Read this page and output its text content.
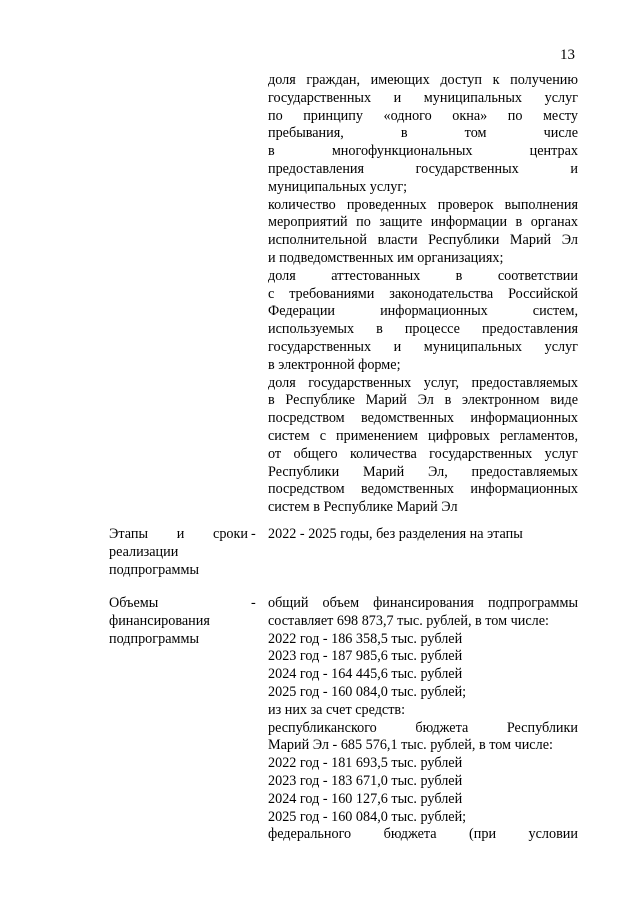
13
доля граждан, имеющих доступ к получению
государственных и муниципальных услуг
по принципу «одного окна» по месту
пребывания, в том числе
в многофункциональных центрах
предоставления государственных и
муниципальных услуг;
количество проведенных проверок выполнения
мероприятий по защите информации в органах
исполнительной власти Республики Марий Эл
и подведомственных им организациях;
доля аттестованных в соответствии
с требованиями законодательства Российской
Федерации информационных систем,
используемых в процессе предоставления
государственных и муниципальных услуг
в электронной форме;
доля государственных услуг, предоставляемых
в Республике Марий Эл в электронном виде
посредством ведомственных информационных
систем с применением цифровых регламентов,
от общего количества государственных услуг
Республики Марий Эл, предоставляемых
посредством ведомственных информационных
систем в Республике Марий Эл
Этапы и сроки
реализации
подпрограммы
- 2022 - 2025 годы, без разделения на этапы
Объемы
финансирования
подпрограммы
- общий объем финансирования подпрограммы
составляет 698 873,7 тыс. рублей, в том числе:
2022 год - 186 358,5 тыс. рублей
2023 год - 187 985,6 тыс. рублей
2024 год - 164 445,6 тыс. рублей
2025 год - 160 084,0 тыс. рублей;
из них за счет средств:
республиканского бюджета Республики
Марий Эл - 685 576,1 тыс. рублей, в том числе:
2022 год - 181 693,5 тыс. рублей
2023 год - 183 671,0 тыс. рублей
2024 год - 160 127,6 тыс. рублей
2025 год - 160 084,0 тыс. рублей;
федерального бюджета (при условии
